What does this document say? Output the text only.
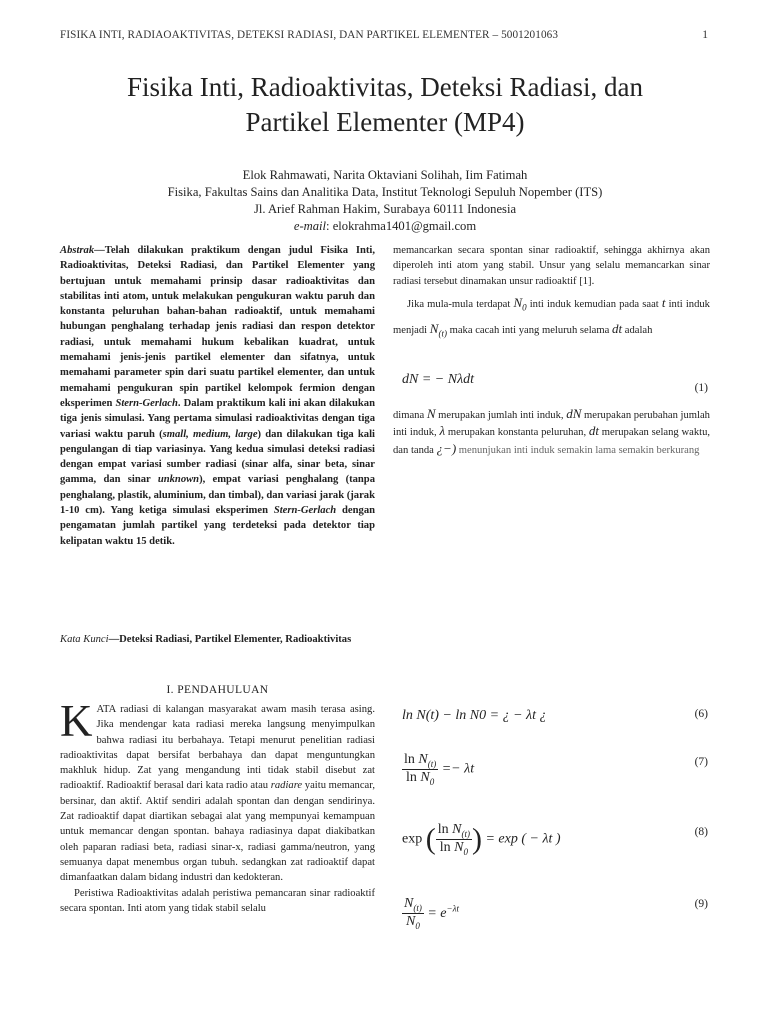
FISIKA INTI, RADIAOAKTIVITAS, DETEKSI RADIASI, DAN PARTIKEL ELEMENTER – 5001201063	1
Fisika Inti, Radioaktivitas, Deteksi Radiasi, dan
Partikel Elementer (MP4)
Elok Rahmawati, Narita Oktaviani Solihah, Iim Fatimah
Fisika, Fakultas Sains dan Analitika Data, Institut Teknologi Sepuluh Nopember (ITS)
Jl. Arief Rahman Hakim, Surabaya 60111 Indonesia
e-mail: elokrahma1401@gmail.com
Abstrak—Telah dilakukan praktikum dengan judul Fisika Inti, Radioaktivitas, Deteksi Radiasi, dan Partikel Elementer yang bertujuan untuk memahami prinsip dasar radioaktivitas dan stabilitas inti atom, untuk melakukan pengukuran waktu paruh dan konstanta peluruhan bahan-bahan radioaktif, untuk memahami hubungan penghalang terhadap jenis radiasi dan respon detektor radiasi, untuk memahami hukum kebalikan kuadrat, untuk memahami jenis-jenis partikel elementer dan sifatnya, untuk memahami parameter spin dari suatu partikel elementer, dan untuk memahami pengukuran spin partikel kelompok fermion dengan eksperimen Stern-Gerlach. Dalam praktikum kali ini akan dilakukan tiga jenis simulasi. Yang pertama simulasi radioaktivitas dengan tiga variasi waktu paruh (small, medium, large) dan dilakukan tiga kali pengulangan di tiap variasinya. Yang kedua simulasi deteksi radiasi dengan empat variasi sumber radiasi (sinar alfa, sinar beta, sinar gamma, dan sinar unknown), empat variasi penghalang (tanpa penghalang, plastik, aluminium, dan timbal), dan variasi jarak (jarak 1-10 cm). Yang ketiga simulasi eksperimen Stern-Gerlach dengan pengamatan jumlah partikel yang terdeteksi pada detektor tiap kelipatan waktu 15 detik.
Kata Kunci—Deteksi Radiasi, Partikel Elementer, Radioaktivitas
I. PENDAHULUAN

KATA radiasi di kalangan masyarakat awam masih terasa asing. Jika mendengar kata radiasi mereka langsung menyimpulkan bahwa radiasi itu berbahaya. Tetapi menurut penelitian radiasi radioaktivitas dapat bersifat berbahaya dan dapat menguntungkan makhluk hidup. Zat yang mengandung inti tidak stabil disebut zat radioaktif. Radioaktif berasal dari kata radio atau radiare yaitu memancar, bersinar, dan aktif. Aktif sendiri adalah spontan dan dengan sendirinya. Zat radioaktif dapat diartikan sebagai alat yang mempunyai kemampuan untuk memancar dengan spontan. bahaya radiasinya dapat diakibatkan oleh paparan radiasi beta, radiasi sinar-x, radiasi gamma/neutron, yang semuanya dapat menembus organ tubuh. sedangkan zat radioaktif dapat dimanfaatkan dalam bidang industri dan kedokteran.

Peristiwa Radioaktivitas adalah peristiwa pemancaran sinar radioaktif secara spontan. Inti atom yang tidak stabil selalu

memancarkan secara spontan sinar radioaktif, sehingga akhirnya akan diperoleh inti atom yang stabil. Unsur yang selalu memancarkan sinar radiasi tersebut dinamakan unsur radioaktif [1].

Jika mula-mula terdapat $N_0$ inti induk kemudian pada saat t inti induk menjadi $N_{(t)}$ maka cacah inti yang meluruh selama dt adalah

dN = − Nλdt
(1)
dimana N merupakan jumlah inti induk, dN merupakan perubahan jumlah inti induk, λ merupakan konstanta peluruhan, dt merupakan selang waktu, dan tanda ¿−) menunjukan inti induk semakin lama semakin berkurang
ln N(t) − ln N0 = ¿ − λt ¿	(6)
$\frac{\ln N_{(t)}}{\ln N_0} =- \lambda t$	(7)
exp ( $\frac{\ln N_{(t)}}{\ln N_0}$ ) = exp ( − λt )	(8)
$\frac{N_{(t)}}{N_0} = e^{-\lambda t}$	(9)
